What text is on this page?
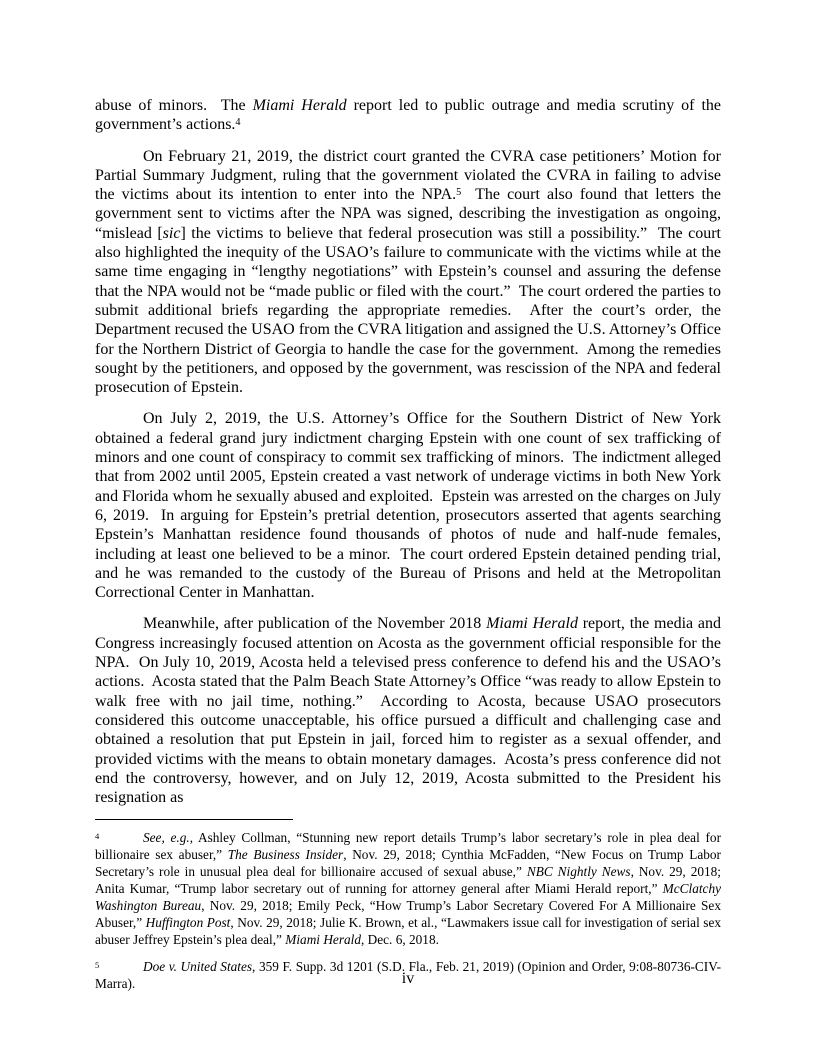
abuse of minors.  The Miami Herald report led to public outrage and media scrutiny of the government’s actions.$^4$

On February 21, 2019, the district court granted the CVRA case petitioners’ Motion for Partial Summary Judgment, ruling that the government violated the CVRA in failing to advise the victims about its intention to enter into the NPA.$^5$  The court also found that letters the government sent to victims after the NPA was signed, describing the investigation as ongoing, “mislead [sic] the victims to believe that federal prosecution was still a possibility.”  The court also highlighted the inequity of the USAO’s failure to communicate with the victims while at the same time engaging in “lengthy negotiations” with Epstein’s counsel and assuring the defense that the NPA would not be “made public or filed with the court.”  The court ordered the parties to submit additional briefs regarding the appropriate remedies.  After the court’s order, the Department recused the USAO from the CVRA litigation and assigned the U.S. Attorney’s Office for the Northern District of Georgia to handle the case for the government.  Among the remedies sought by the petitioners, and opposed by the government, was rescission of the NPA and federal prosecution of Epstein.

On July 2, 2019, the U.S. Attorney’s Office for the Southern District of New York obtained a federal grand jury indictment charging Epstein with one count of sex trafficking of minors and one count of conspiracy to commit sex trafficking of minors.  The indictment alleged that from 2002 until 2005, Epstein created a vast network of underage victims in both New York and Florida whom he sexually abused and exploited.  Epstein was arrested on the charges on July 6, 2019.  In arguing for Epstein’s pretrial detention, prosecutors asserted that agents searching Epstein’s Manhattan residence found thousands of photos of nude and half-nude females, including at least one believed to be a minor.  The court ordered Epstein detained pending trial, and he was remanded to the custody of the Bureau of Prisons and held at the Metropolitan Correctional Center in Manhattan.

Meanwhile, after publication of the November 2018 Miami Herald report, the media and Congress increasingly focused attention on Acosta as the government official responsible for the NPA.  On July 10, 2019, Acosta held a televised press conference to defend his and the USAO’s actions.  Acosta stated that the Palm Beach State Attorney’s Office “was ready to allow Epstein to walk free with no jail time, nothing.”  According to Acosta, because USAO prosecutors considered this outcome unacceptable, his office pursued a difficult and challenging case and obtained a resolution that put Epstein in jail, forced him to register as a sexual offender, and provided victims with the means to obtain monetary damages.  Acosta’s press conference did not end the controversy, however, and on July 12, 2019, Acosta submitted to the President his resignation as

$^4$	See, e.g., Ashley Collman, “Stunning new report details Trump’s labor secretary’s role in plea deal for billionaire sex abuser,” The Business Insider, Nov. 29, 2018; Cynthia McFadden, “New Focus on Trump Labor Secretary’s role in unusual plea deal for billionaire accused of sexual abuse,” NBC Nightly News, Nov. 29, 2018; Anita Kumar, “Trump labor secretary out of running for attorney general after Miami Herald report,” McClatchy Washington Bureau, Nov. 29, 2018; Emily Peck, “How Trump’s Labor Secretary Covered For A Millionaire Sex Abuser,” Huffington Post, Nov. 29, 2018; Julie K. Brown, et al., “Lawmakers issue call for investigation of serial sex abuser Jeffrey Epstein’s plea deal,” Miami Herald, Dec. 6, 2018.

$^5$	Doe v. United States, 359 F. Supp. 3d 1201 (S.D. Fla., Feb. 21, 2019) (Opinion and Order, 9:08-80736-CIV-Marra).	iv
